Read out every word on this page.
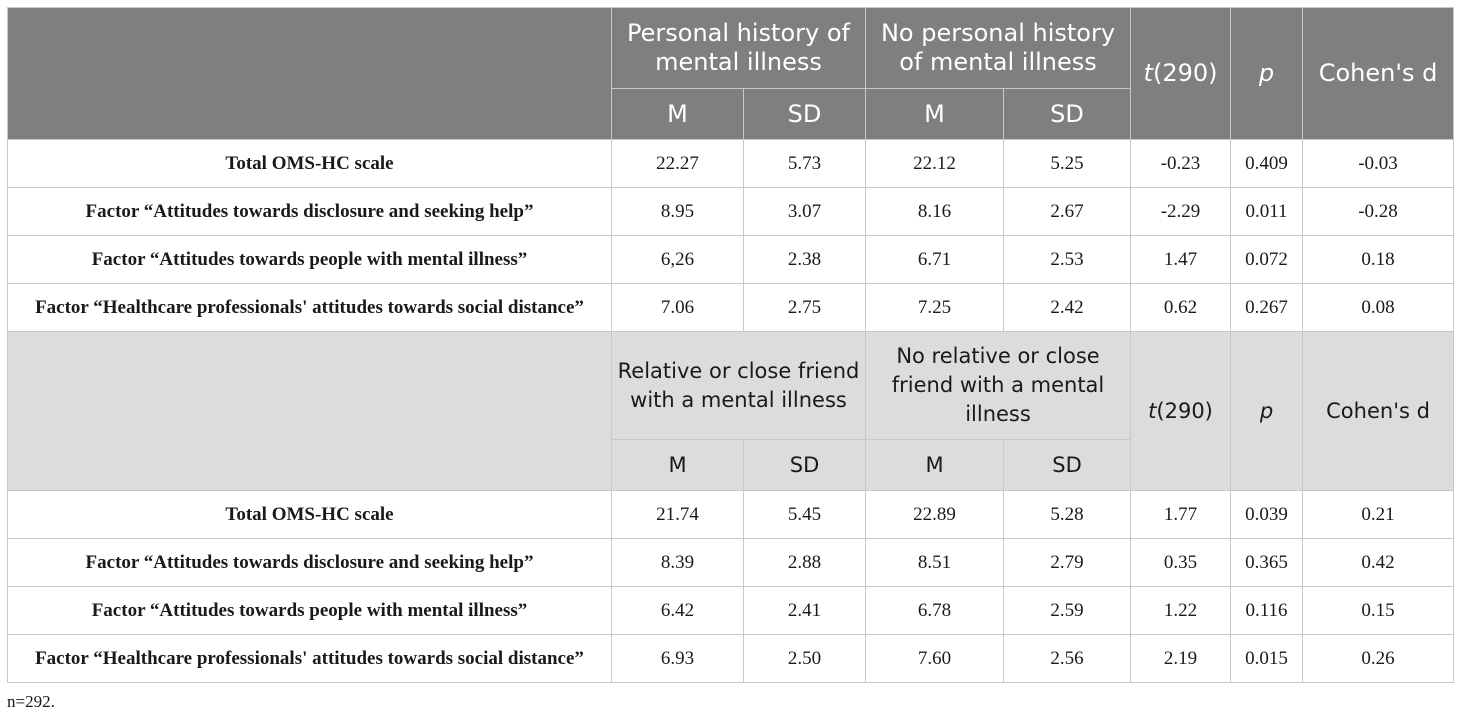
	Personal history of mental illness		No personal history of mental illness		t(290)	p	Cohen's d
	M	SD	M	SD			
Total OMS-HC scale	22.27	5.73	22.12	5.25	-0.23	0.409	-0.03
Factor “Attitudes towards disclosure and seeking help”	8.95	3.07	8.16	2.67	-2.29	0.011	-0.28
Factor “Attitudes towards people with mental illness”	6,26	2.38	6.71	2.53	1.47	0.072	0.18
Factor “Healthcare professionals' attitudes towards social distance”	7.06	2.75	7.25	2.42	0.62	0.267	0.08
	Relative or close friend with a mental illness		No relative or close friend with a mental illness		t(290)	p	Cohen's d
	M	SD	M	SD			
Total OMS-HC scale	21.74	5.45	22.89	5.28	1.77	0.039	0.21
Factor “Attitudes towards disclosure and seeking help”	8.39	2.88	8.51	2.79	0.35	0.365	0.42
Factor “Attitudes towards people with mental illness”	6.42	2.41	6.78	2.59	1.22	0.116	0.15
Factor “Healthcare professionals' attitudes towards social distance”	6.93	2.50	7.60	2.56	2.19	0.015	0.26
n=292.
